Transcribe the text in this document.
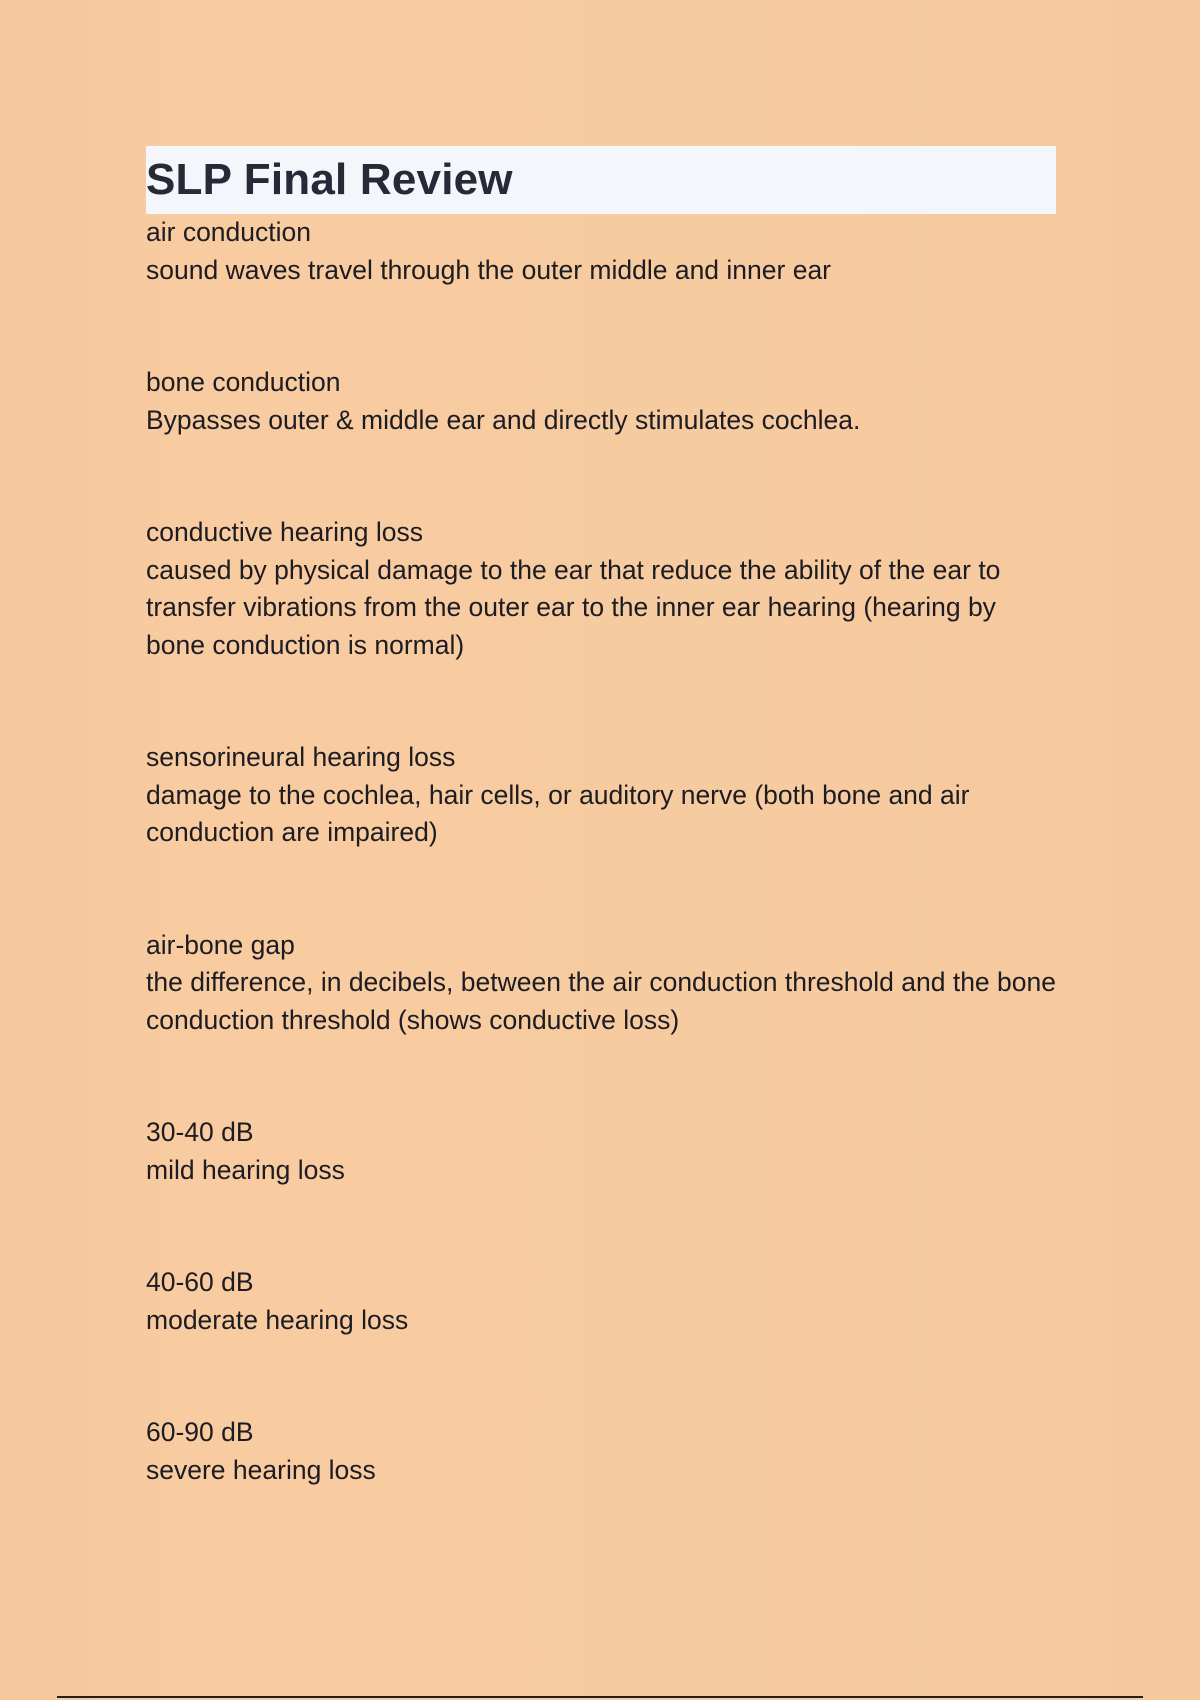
SLP Final Review
air conduction
sound waves travel through the outer middle and inner ear
bone conduction
Bypasses outer & middle ear and directly stimulates cochlea.
conductive hearing loss
caused by physical damage to the ear that reduce the ability of the ear to transfer vibrations from the outer ear to the inner ear hearing (hearing by bone conduction is normal)
sensorineural hearing loss
damage to the cochlea, hair cells, or auditory nerve (both bone and air conduction are impaired)
air-bone gap
the difference, in decibels, between the air conduction threshold and the bone conduction threshold (shows conductive loss)
30-40 dB
mild hearing loss
40-60 dB
moderate hearing loss
60-90 dB
severe hearing loss
